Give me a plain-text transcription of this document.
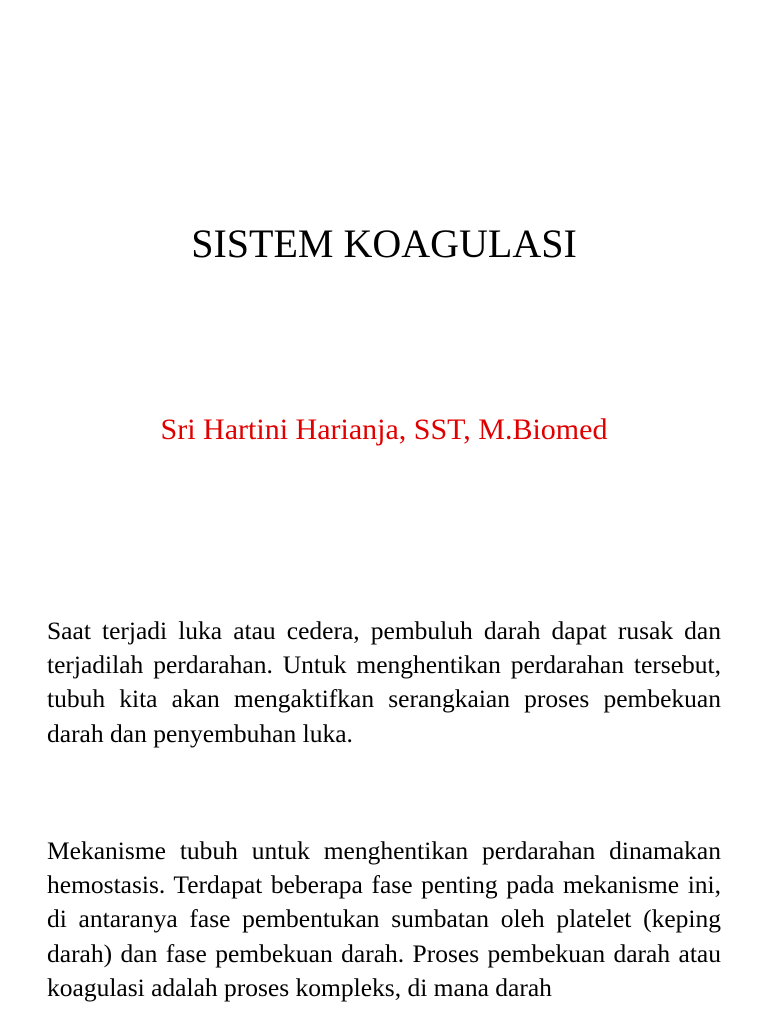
SISTEM KOAGULASI

Sri Hartini Harianja, SST, M.Biomed

Saat terjadi luka atau cedera, pembuluh darah dapat rusak dan terjadilah perdarahan. Untuk menghentikan perdarahan tersebut, tubuh kita akan mengaktifkan serangkaian proses pembekuan darah dan penyembuhan luka.

Mekanisme tubuh untuk menghentikan perdarahan dinamakan hemostasis. Terdapat beberapa fase penting pada mekanisme ini, di antaranya fase pembentukan sumbatan oleh platelet (keping darah) dan fase pembekuan darah. Proses pembekuan darah atau koagulasi adalah proses kompleks, di mana darah
